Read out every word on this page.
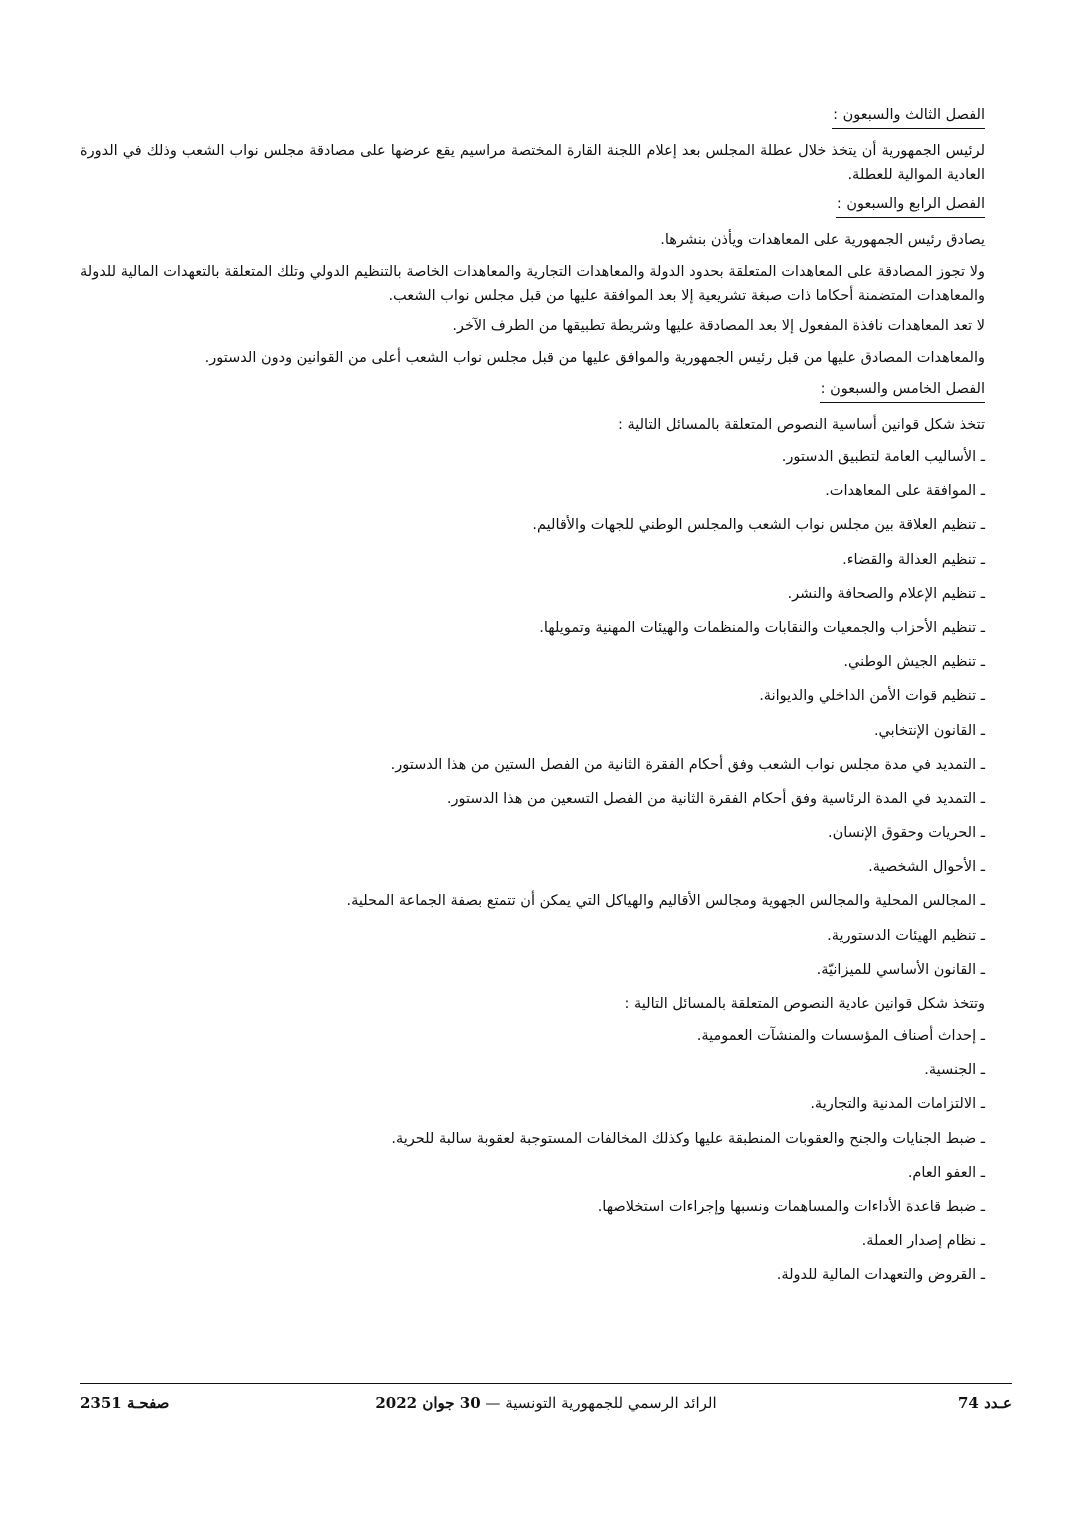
الفصل الثالث والسبعون :

لرئيس الجمهورية أن يتخذ خلال عطلة المجلس بعد إعلام اللجنة القارة المختصة مراسيم يقع عرضها على مصادقة مجلس نواب الشعب وذلك في الدورة العادية الموالية للعطلة.

الفصل الرابع والسبعون :

يصادق رئيس الجمهورية على المعاهدات ويأذن بنشرها.

ولا تجوز المصادقة على المعاهدات المتعلقة بحدود الدولة والمعاهدات التجارية والمعاهدات الخاصة بالتنظيم الدولي وتلك المتعلقة بالتعهدات المالية للدولة والمعاهدات المتضمنة أحكاما ذات صبغة تشريعية إلا بعد الموافقة عليها من قبل مجلس نواب الشعب.

لا تعد المعاهدات نافذة المفعول إلا بعد المصادقة عليها وشريطة تطبيقها من الطرف الآخر.

والمعاهدات المصادق عليها من قبل رئيس الجمهورية والموافق عليها من قبل مجلس نواب الشعب أعلى من القوانين ودون الدستور.

الفصل الخامس والسبعون :

تتخذ شكل قوانين أساسية النصوص المتعلقة بالمسائل التالية :

ـ الأساليب العامة لتطبيق الدستور.
ـ الموافقة على المعاهدات.
ـ تنظيم العلاقة بين مجلس نواب الشعب والمجلس الوطني للجهات والأقاليم.
ـ تنظيم العدالة والقضاء.
ـ تنظيم الإعلام والصحافة والنشر.
ـ تنظيم الأحزاب والجمعيات والنقابات والمنظمات والهيئات المهنية وتمويلها.
ـ تنظيم الجيش الوطني.
ـ تنظيم قوات الأمن الداخلي والديوانة.
ـ القانون الإنتخابي.
ـ التمديد في مدة مجلس نواب الشعب وفق أحكام الفقرة الثانية من الفصل الستين من هذا الدستور.
ـ التمديد في المدة الرئاسية وفق أحكام الفقرة الثانية من الفصل التسعين من هذا الدستور.
ـ الحريات وحقوق الإنسان.
ـ الأحوال الشخصية.
ـ المجالس المحلية والمجالس الجهوية ومجالس الأقاليم والهياكل التي يمكن أن تتمتع بصفة الجماعة المحلية.
ـ تنظيم الهيئات الدستورية.
ـ القانون الأساسي للميزانيّة.

وتتخذ شكل قوانين عادية النصوص المتعلقة بالمسائل التالية :

ـ إحداث أصناف المؤسسات والمنشآت العمومية.
ـ الجنسية.
ـ الالتزامات المدنية والتجارية.
ـ ضبط الجنايات والجنح والعقوبات المنطبقة عليها وكذلك المخالفات المستوجبة لعقوبة سالبة للحرية.
ـ العفو العام.
ـ ضبط قاعدة الأداءات والمساهمات ونسبها وإجراءات استخلاصها.
ـ نظام إصدار العملة.
ـ القروض والتعهدات المالية للدولة.
عـدد 74
الرائد الرسمي للجمهورية التونسية — 30 جوان 2022
صفحـة 2351
